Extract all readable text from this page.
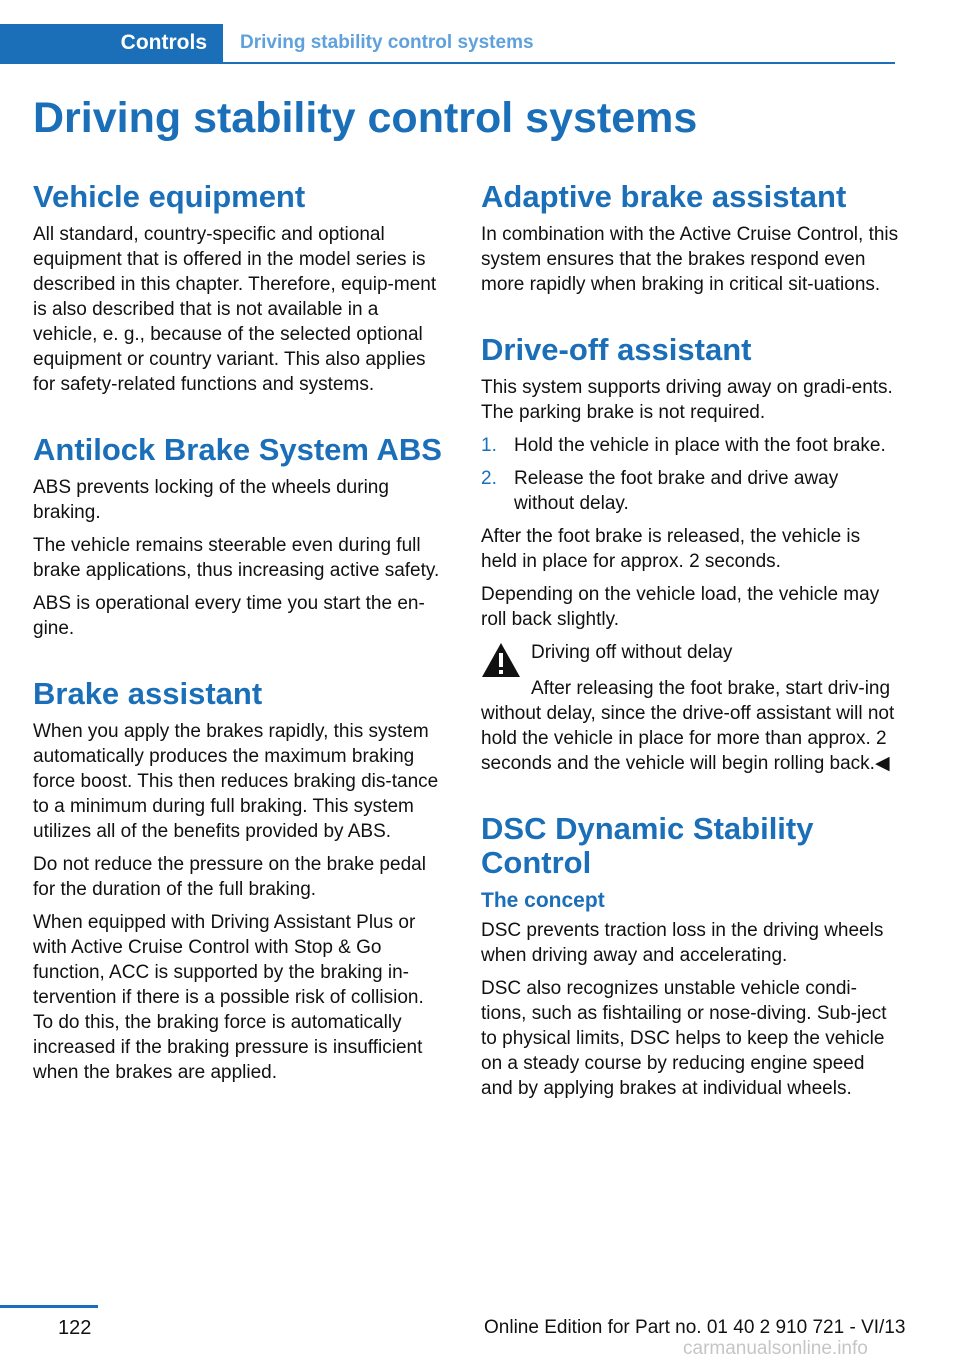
Controls	Driving stability control systems
Driving stability control systems
Vehicle equipment

All standard, country-specific and optional equipment that is offered in the model series is described in this chapter. Therefore, equip-ment is also described that is not available in a vehicle, e. g., because of the selected optional equipment or country variant. This also applies for safety-related functions and systems.

Antilock Brake System ABS

ABS prevents locking of the wheels during braking.

The vehicle remains steerable even during full brake applications, thus increasing active safety.

ABS is operational every time you start the en-gine.

Brake assistant

When you apply the brakes rapidly, this system automatically produces the maximum braking force boost. This then reduces braking dis-tance to a minimum during full braking. This system utilizes all of the benefits provided by ABS.

Do not reduce the pressure on the brake pedal for the duration of the full braking.

When equipped with Driving Assistant Plus or with Active Cruise Control with Stop & Go function, ACC is supported by the braking in-tervention if there is a possible risk of collision. To do this, the braking force is automatically increased if the braking pressure is insufficient when the brakes are applied.

Adaptive brake assistant

In combination with the Active Cruise Control, this system ensures that the brakes respond even more rapidly when braking in critical sit-uations.

Drive-off assistant

This system supports driving away on gradi-ents. The parking brake is not required.

1. Hold the vehicle in place with the foot brake.
2. Release the foot brake and drive away without delay.

After the foot brake is released, the vehicle is held in place for approx. 2 seconds.

Depending on the vehicle load, the vehicle may roll back slightly.

Driving off without delay
After releasing the foot brake, start driv-ing without delay, since the drive-off assistant will not hold the vehicle in place for more than approx. 2 seconds and the vehicle will begin rolling back.◀
DSC Dynamic Stability Control
The concept

DSC prevents traction loss in the driving wheels when driving away and accelerating.

DSC also recognizes unstable vehicle condi-tions, such as fishtailing or nose-diving. Sub-ject to physical limits, DSC helps to keep the vehicle on a steady course by reducing engine speed and by applying brakes at individual wheels.

122	Online Edition for Part no. 01 40 2 910 721 - VI/13
carmanualsonline.info
